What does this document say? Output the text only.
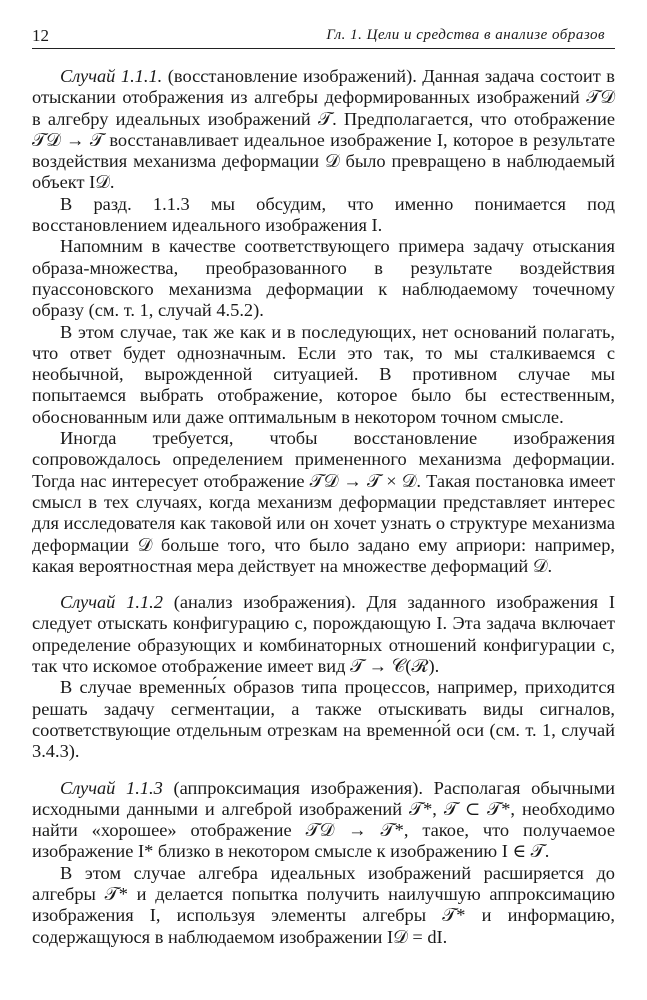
12	Гл. 1. Цели и средства в анализе образов

Случай 1.1.1. (восстановление изображений). Данная задача состоит в отыскании отображения из алгебры деформированных изображений 𝒯𝒟 в алгебру идеальных изображений 𝒯. Предполагается, что отображение 𝒯𝒟 → 𝒯 восстанавливает идеальное изображение I, которое в результате воздействия механизма деформации 𝒟 было превращено в наблюдаемый объект I𝒟.

В разд. 1.1.3 мы обсудим, что именно понимается под восстановлением идеального изображения I.

Напомним в качестве соответствующего примера задачу отыскания образа-множества, преобразованного в результате воздействия пуассоновского механизма деформации к наблюдаемому точечному образу (см. т. 1, случай 4.5.2).

В этом случае, так же как и в последующих, нет оснований полагать, что ответ будет однозначным. Если это так, то мы сталкиваемся с необычной, вырожденной ситуацией. В противном случае мы попытаемся выбрать отображение, которое было бы естественным, обоснованным или даже оптимальным в некотором точном смысле.

Иногда требуется, чтобы восстановление изображения сопровождалось определением примененного механизма деформации. Тогда нас интересует отображение 𝒯𝒟 → 𝒯 × 𝒟. Такая постановка имеет смысл в тех случаях, когда механизм деформации представляет интерес для исследователя как таковой или он хочет узнать о структуре механизма деформации 𝒟 больше того, что было задано ему априори: например, какая вероятностная мера действует на множестве деформаций 𝒟.

Случай 1.1.2 (анализ изображения). Для заданного изображения I следует отыскать конфигурацию c, порождающую I. Эта задача включает определение образующих и комбинаторных отношений конфигурации c, так что искомое отображение имеет вид 𝒯 → 𝒞(ℛ).

В случае временны́х образов типа процессов, например, приходится решать задачу сегментации, а также отыскивать виды сигналов, соответствующие отдельным отрезкам на временно́й оси (см. т. 1, случай 3.4.3).

Случай 1.1.3 (аппроксимация изображения). Располагая обычными исходными данными и алгеброй изображений 𝒯*, 𝒯 ⊂ 𝒯*, необходимо найти «хорошее» отображение 𝒯𝒟 → 𝒯*, такое, что получаемое изображение I* близко в некотором смысле к изображению I ∈ 𝒯.

В этом случае алгебра идеальных изображений расширяется до алгебры 𝒯* и делается попытка получить наилучшую аппроксимацию изображения I, используя элементы алгебры 𝒯* и информацию, содержащуюся в наблюдаемом изображении I𝒟 = dI.
